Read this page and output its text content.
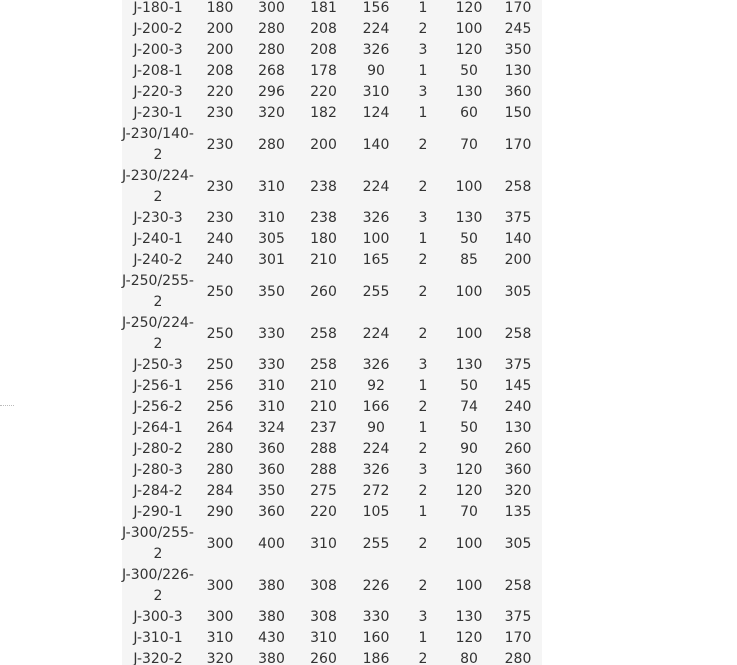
J-180-1	180	300	181	156	1	120	170
J-200-2	200	280	208	224	2	100	245
J-200-3	200	280	208	326	3	120	350
J-208-1	208	268	178	90	1	50	130
J-220-3	220	296	220	310	3	130	360
J-230-1	230	320	182	124	1	60	150
J-230/140-2	230	280	200	140	2	70	170
J-230/224-2	230	310	238	224	2	100	258
J-230-3	230	310	238	326	3	130	375
J-240-1	240	305	180	100	1	50	140
J-240-2	240	301	210	165	2	85	200
J-250/255-2	250	350	260	255	2	100	305
J-250/224-2	250	330	258	224	2	100	258
J-250-3	250	330	258	326	3	130	375
J-256-1	256	310	210	92	1	50	145
J-256-2	256	310	210	166	2	74	240
J-264-1	264	324	237	90	1	50	130
J-280-2	280	360	288	224	2	90	260
J-280-3	280	360	288	326	3	120	360
J-284-2	284	350	275	272	2	120	320
J-290-1	290	360	220	105	1	70	135
J-300/255-2	300	400	310	255	2	100	305
J-300/226-2	300	380	308	226	2	100	258
J-300-3	300	380	308	330	3	130	375
J-310-1	310	430	310	160	1	120	170
J-320-2	320	380	260	186	2	80	280
